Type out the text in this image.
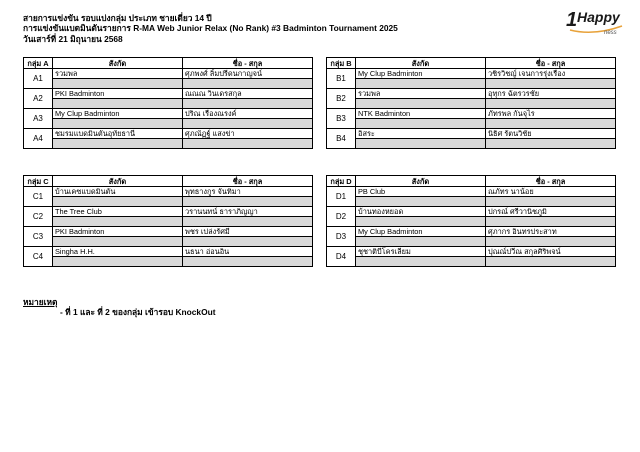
สายการแข่งขัน รอบแบ่งกลุ่ม ประเภท ชายเดี่ยว 14 ปี
การแข่งขันแบดมินตันรายการ R-MA Web Junior Relax (No Rank) #3 Badminton Tournament 2025
วันเสาร์ที่ 21 มิถุนายน 2568
1 Happy
ness
กลุ่ม A	สังกัด	ชื่อ - สกุล
A1	รวมพล	ศุภพงศ์ ลิ้มปรีดนกาญจน์

A2	PKI Badminton	ณณณ วินเดรสกุล

A3	My Clup Badminton	ปริณ เรืองณรงค์

A4	ชมรมแบดมินตันอุทัยธานี	ศุภณัฏฐ์ แสงข่า

กลุ่ม B	สังกัด	ชื่อ - สกุล
B1	My Clup Badminton	วชิรวิชญ์ เจนการรุ่งเรือง

B2	รวมพล	อุทุกร ฉัตรวรชัย

B3	NTK Badminton	ภัทรพล กันจุไร

B4	อิสระ	นิธิศ รัตนวิชัย

กลุ่ม C	สังกัด	ชื่อ - สกุล
C1	บ้านเคซแบดมินตัน	พุทธางกูร จันทิมา

C2	The Tree Club	วรานนทน์ ธาราภิญญา

C3	PKI Badminton	พชร เปล่งรัศมี

C4	Singha H.H.	นธนา อ่อนอิน

กลุ่ม D	สังกัด	ชื่อ - สกุล
D1	PB Club	ณภัทร นาน้อย

D2	บ้านทองหยอด	ปกรณ์ ศรีวานิชภูมิ

D3	My Clup Badminton	ศุภากร อินทรประสาท

D4	ชุชาติบีโครเลียม	ปุณณ์ปวีณ สกุลศิริพจน์

หมายเหตุ
- ที่ 1 และ ที่ 2 ของกลุ่ม เข้ารอบ KnockOut
